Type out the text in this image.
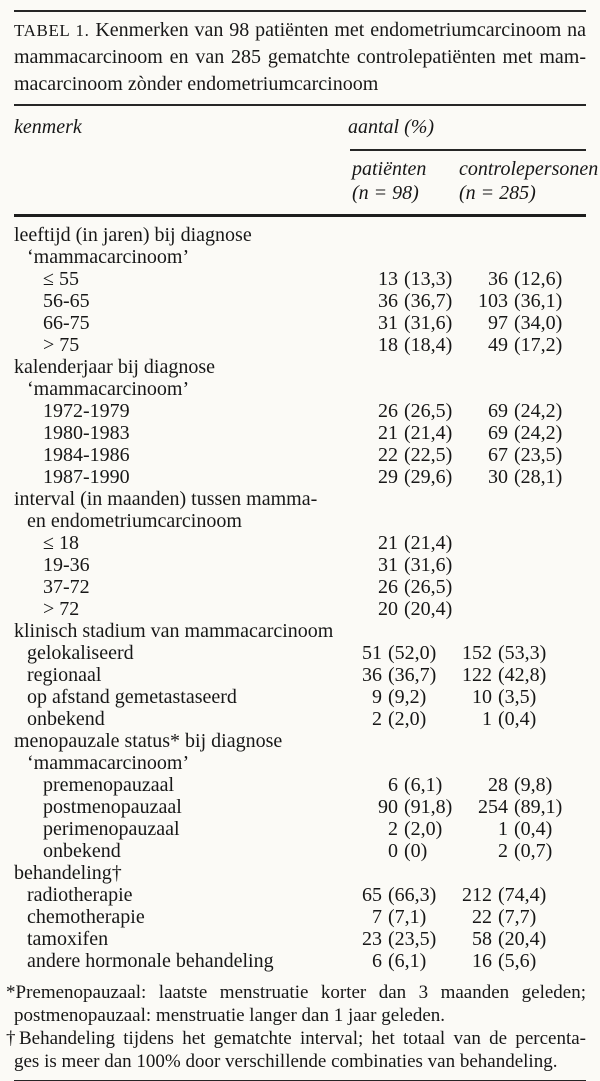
TABEL 1. Kenmerken van 98 patiënten met endometriumcarcinoom na
mammacarcinoom en van 285 gematchte controlepatiënten met mam-
macarcinoom zònder endometriumcarcinoom
kenmerk	aantal (%)
patiënten
(n = 98)
controlepersonen
(n = 285)
leeftijd (in jaren) bij diagnose
‘mammacarcinoom’
≤ 55	13 (13,3)	36 (12,6)
56-65	36 (36,7) 103 (36,1)
66-75	31 (31,6)	97 (34,0)
> 75	18 (18,4)	49 (17,2)
kalenderjaar bij diagnose
‘mammacarcinoom’
1972-1979	26 (26,5)	69 (24,2)
1980-1983	21 (21,4)	69 (24,2)
1984-1986	22 (22,5)	67 (23,5)
1987-1990	29 (29,6)	30 (28,1)
interval (in maanden) tussen mamma-
en endometriumcarcinoom
≤ 18	21 (21,4)
19-36	31 (31,6)
37-72	26 (26,5)
> 72	20 (20,4)
klinisch stadium van mammacarcinoom
gelokaliseerd	51 (52,0) 152 (53,3)
regionaal	36 (36,7) 122 (42,8)
op afstand gemetastaseerd	9 (9,2)	10 (3,5)
onbekend	2 (2,0)	1 (0,4)
menopauzale status* bij diagnose
‘mammacarcinoom’
premenopauzaal	6 (6,1)	28 (9,8)
postmenopauzaal	90 (91,8) 254 (89,1)
perimenopauzaal	2 (2,0)	1 (0,4)
onbekend	0 (0)	2 (0,7)
behandeling†
radiotherapie	65 (66,3) 212 (74,4)
chemotherapie	7 (7,1)	22 (7,7)
tamoxifen	23 (23,5)	58 (20,4)
andere hormonale behandeling	6 (6,1)	16 (5,6)
*Premenopauzaal: laatste menstruatie korter dan 3 maanden geleden;
postmenopauzaal: menstruatie langer dan 1 jaar geleden.
†Behandeling tijdens het gematchte interval; het totaal van de percenta-
ges is meer dan 100% door verschillende combinaties van behandeling.
